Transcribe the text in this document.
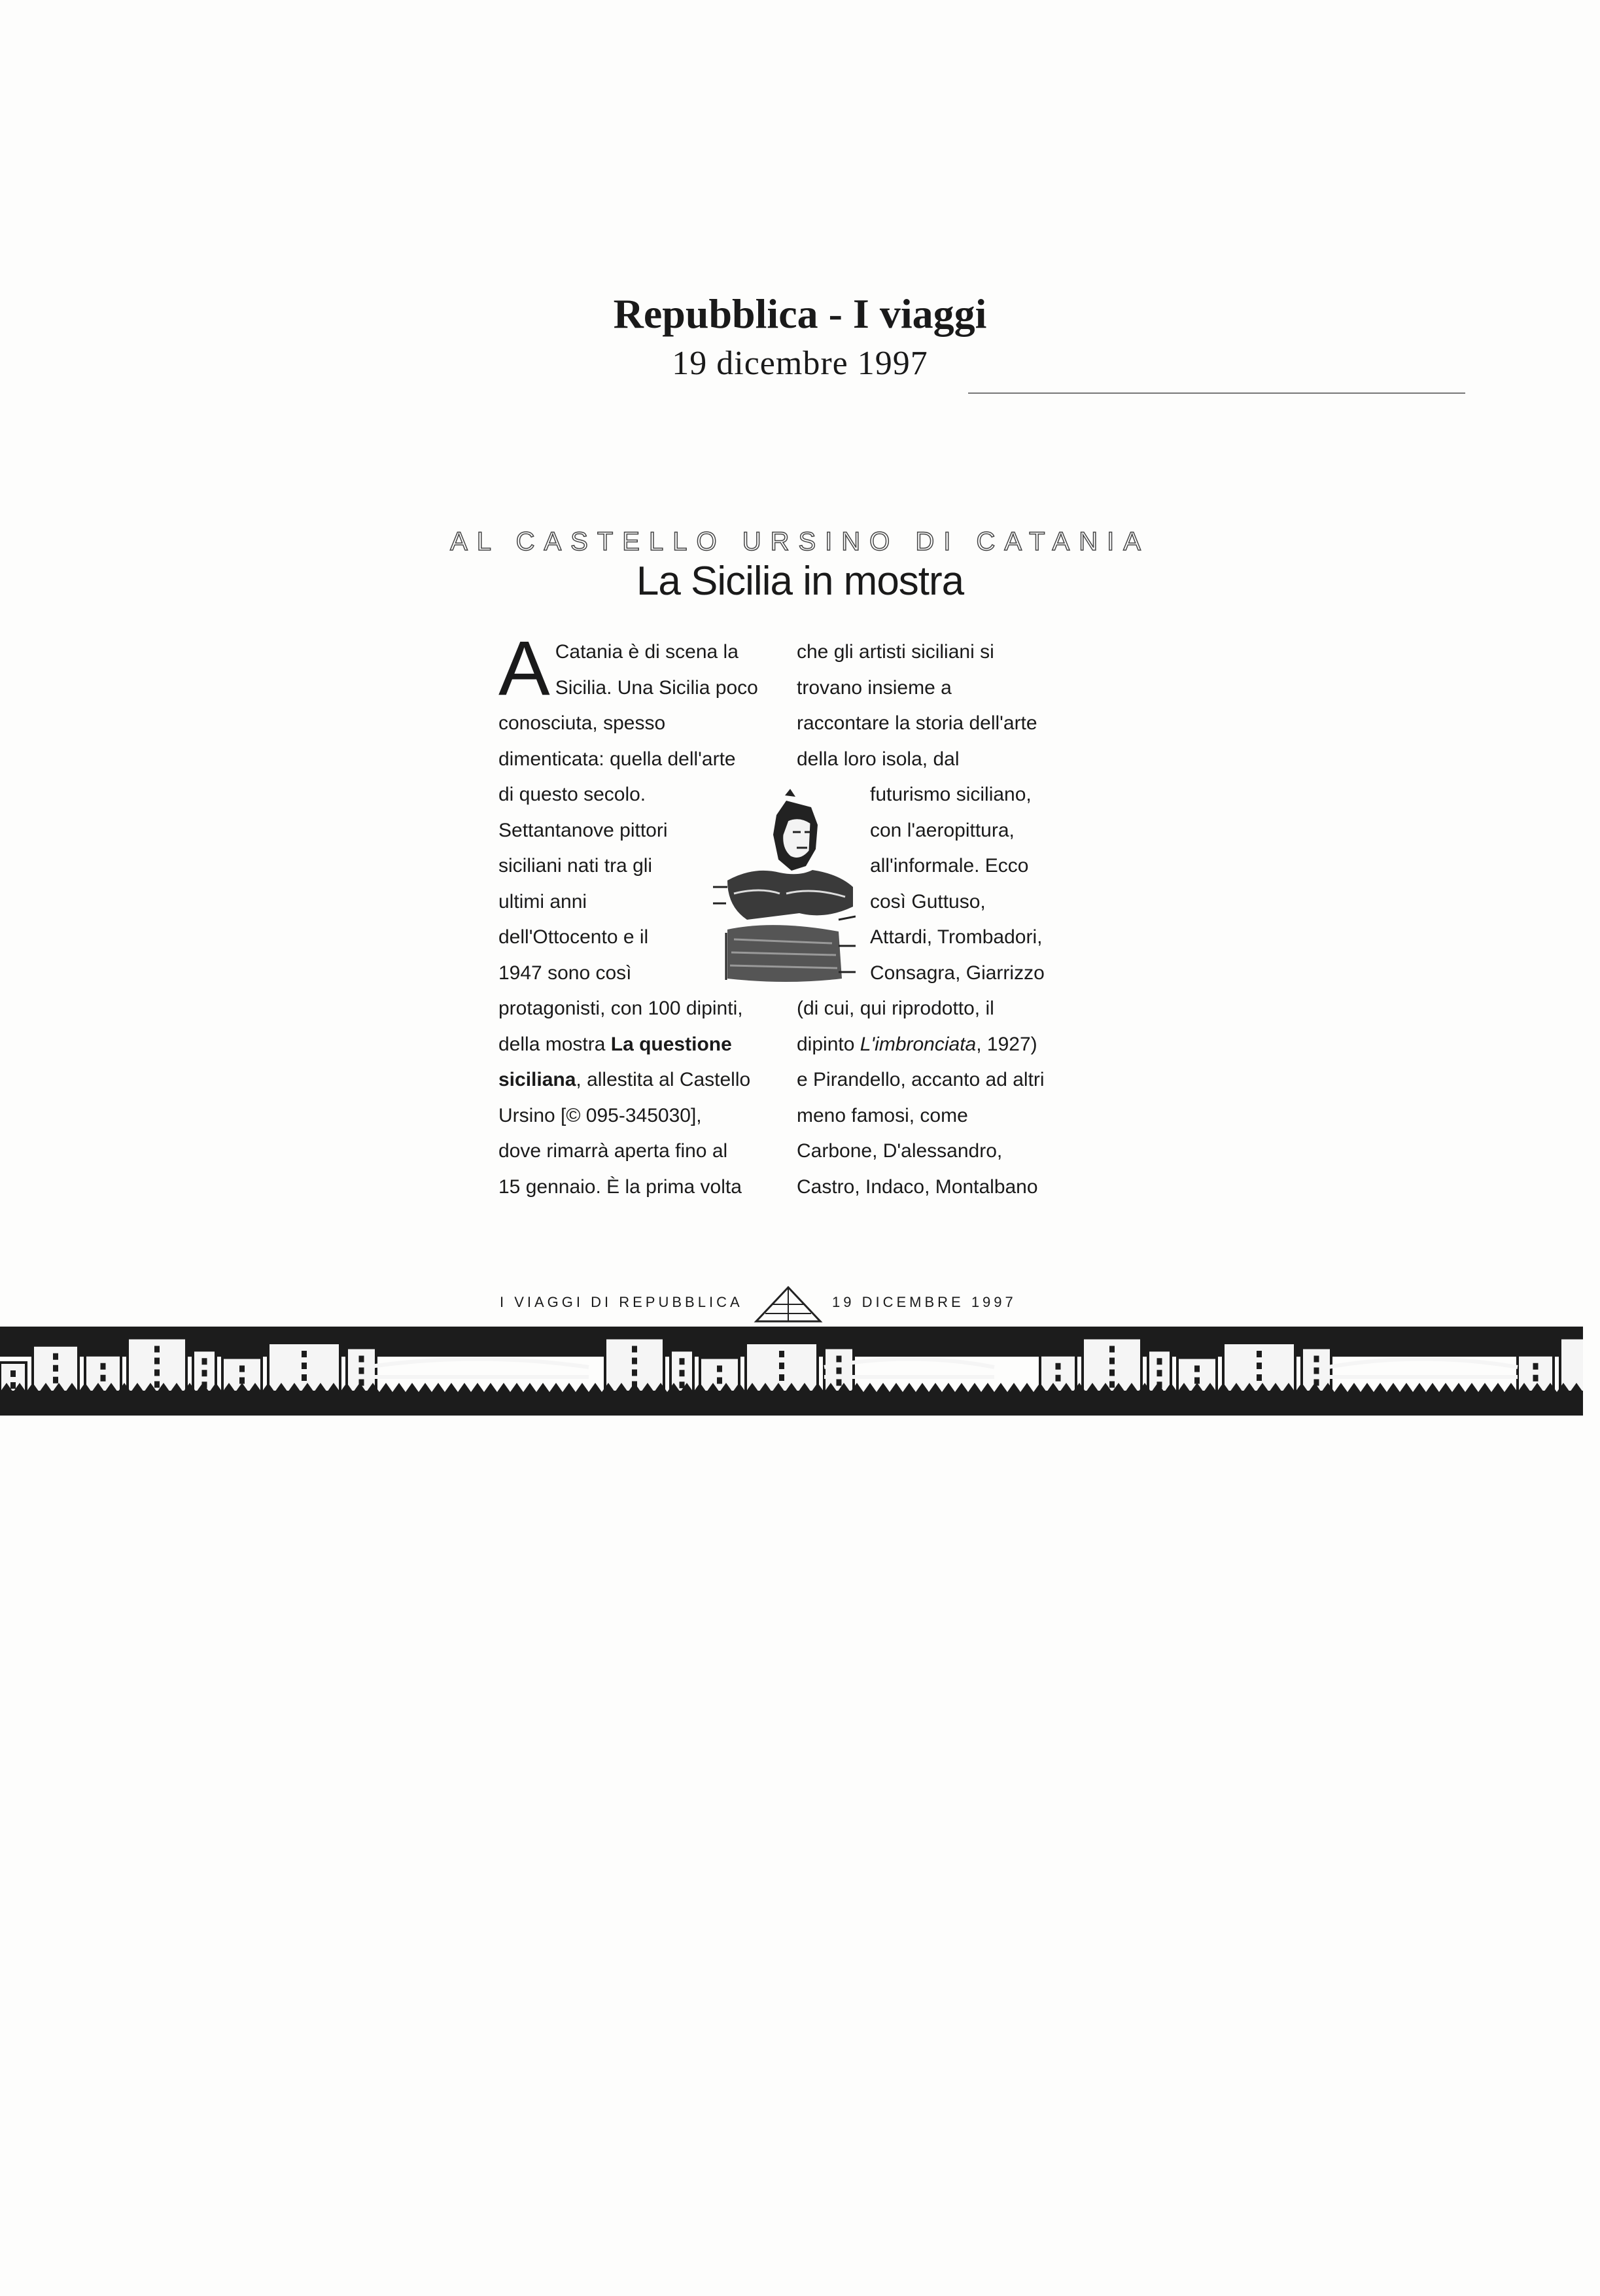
Repubblica - I viaggi
19 dicembre 1997
AL CASTELLO URSINO DI CATANIA
La Sicilia in mostra
A Catania è di scena la
Sicilia. Una Sicilia poco
conosciuta, spesso
dimenticata: quella dell'arte
di questo secolo.
Settantanove pittori
siciliani nati tra gli
ultimi anni
dell'Ottocento e il
1947 sono così
protagonisti, con 100 dipinti,
della mostra La questione
siciliana, allestita al Castello
Ursino [© 095-345030],
dove rimarrà aperta fino al
15 gennaio. È la prima volta
che gli artisti siciliani si
trovano insieme a
raccontare la storia dell'arte
della loro isola, dal
futurismo siciliano,
con l'aeropittura,
all'informale. Ecco
così Guttuso,
Attardi, Trombadori,
Consagra, Giarrizzo
(di cui, qui riprodotto, il
dipinto L'imbronciata, 1927)
e Pirandello, accanto ad altri
meno famosi, come
Carbone, D'alessandro,
Castro, Indaco, Montalbano
I VIAGGI DI REPUBBLICA	19 DICEMBRE 1997
